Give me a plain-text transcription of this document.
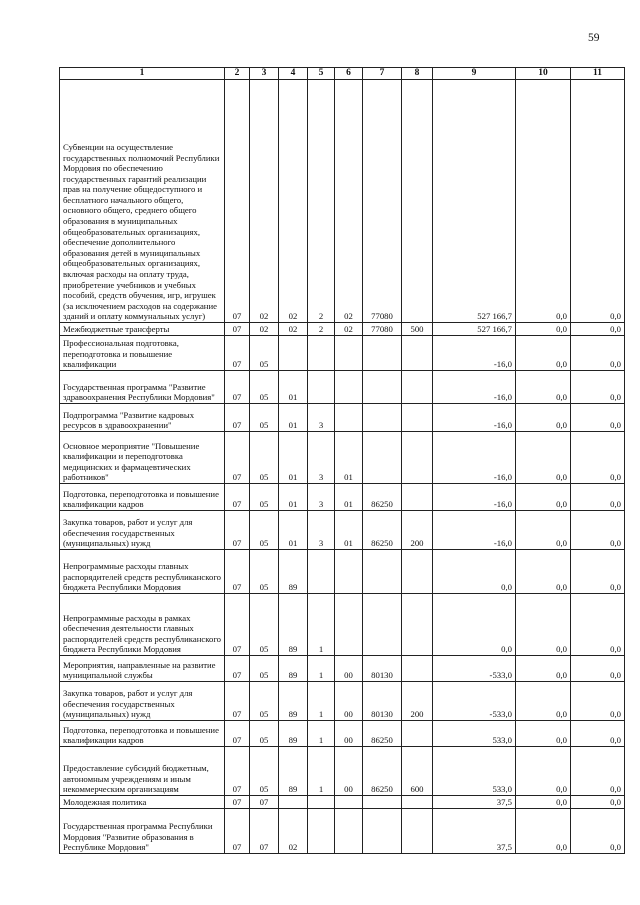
59
1	2	3	4	5	6	7	8	9	10	11
Субвенции на осуществление государственных полномочий Республики Мордовия по обеспечению государственных гарантий реализации прав на получение общедоступного и бесплатного начального общего, основного общего, среднего общего образования в муниципальных общеобразовательных организациях, обеспечение дополнительного образования детей в муниципальных общеобразовательных организациях, включая расходы на оплату труда, приобретение учебников и учебных пособий, средств обучения, игр, игрушек (за исключением расходов на содержание зданий и оплату коммунальных услуг)	07	02	02	2	02	77080		527 166,7	0,0	0,0
Межбюджетные трансферты	07	02	02	2	02	77080	500	527 166,7	0,0	0,0
Профессиональная подготовка, переподготовка и повышение квалификации	07	05						-16,0	0,0	0,0
Государственная программа "Развитие здравоохранения Республики Мордовия"	07	05	01					-16,0	0,0	0,0
Подпрограмма "Развитие кадровых ресурсов в здравоохранении"	07	05	01	3				-16,0	0,0	0,0
Основное мероприятие "Повышение квалификации и переподготовка медицинских и фармацевтических работников"	07	05	01	3	01			-16,0	0,0	0,0
Подготовка, переподготовка и повышение квалификации кадров	07	05	01	3	01	86250		-16,0	0,0	0,0
Закупка товаров, работ и услуг для обеспечения государственных (муниципальных) нужд	07	05	01	3	01	86250	200	-16,0	0,0	0,0
Непрограммные расходы главных распорядителей средств республиканского бюджета Республики Мордовия	07	05	89					0,0	0,0	0,0
Непрограммные расходы в рамках обеспечения деятельности главных распорядителей средств республиканского бюджета Республики Мордовия	07	05	89	1				0,0	0,0	0,0
Мероприятия, направленные на развитие муниципальной службы	07	05	89	1	00	80130		-533,0	0,0	0,0
Закупка товаров, работ и услуг для обеспечения государственных (муниципальных) нужд	07	05	89	1	00	80130	200	-533,0	0,0	0,0
Подготовка, переподготовка и повышение квалификации кадров	07	05	89	1	00	86250		533,0	0,0	0,0
Предоставление субсидий бюджетным, автономным учреждениям и иным некоммерческим организациям	07	05	89	1	00	86250	600	533,0	0,0	0,0
Молодежная политика	07	07						37,5	0,0	0,0
Государственная программа Республики Мордовия "Развитие образования в Республике Мордовия"	07	07	02					37,5	0,0	0,0
